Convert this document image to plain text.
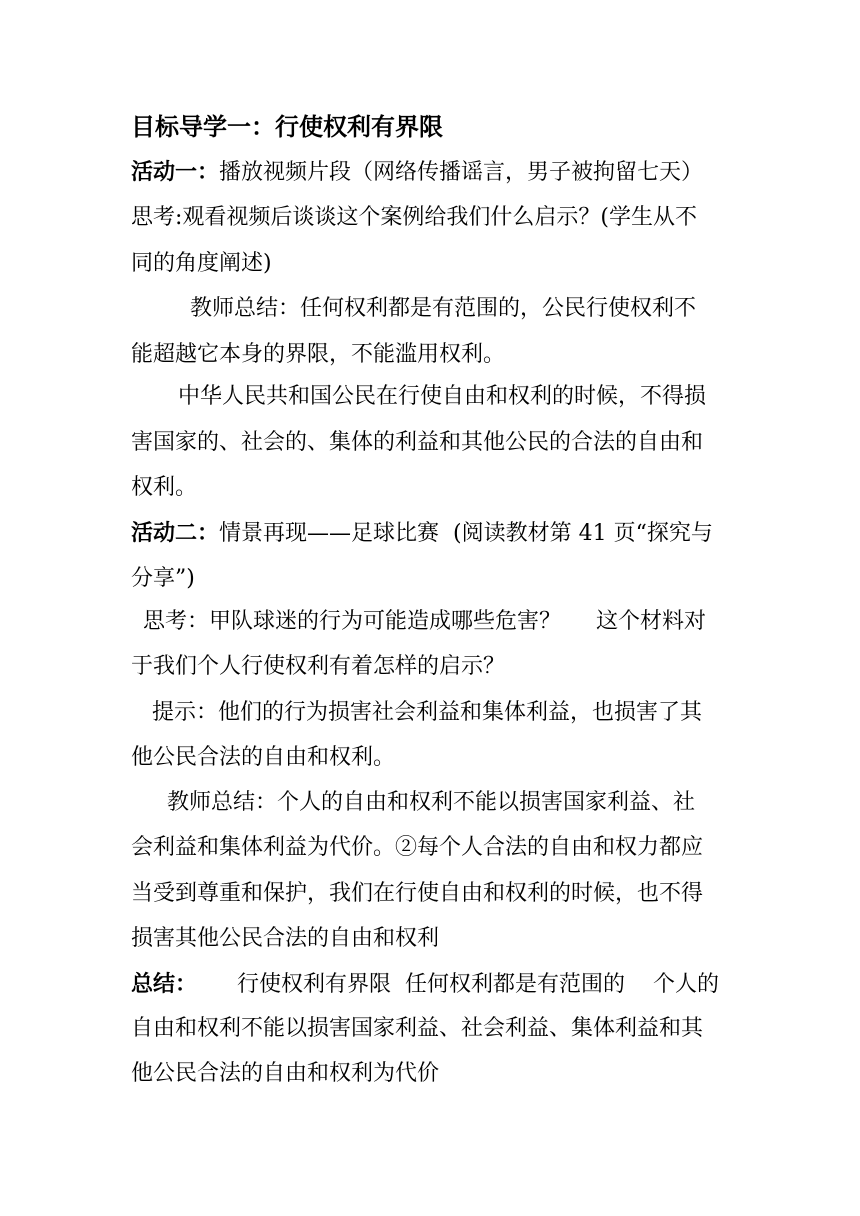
目标导学一：行使权利有界限
活动一：播放视频片段（网络传播谣言，男子被拘留七天）
思考:观看视频后谈谈这个案例给我们什么启示？(学生从不
同的角度阐述)
教师总结：任何权利都是有范围的，公民行使权利不
能超越它本身的界限，不能滥用权利。
中华人民共和国公民在行使自由和权利的时候，不得损
害国家的、社会的、集体的利益和其他公民的合法的自由和
权利。
活动二：情景再现——足球比赛  (阅读教材第 41 页“探究与
分享”)
思考：甲队球迷的行为可能造成哪些危害？     这个材料对
于我们个人行使权利有着怎样的启示？
提示：他们的行为损害社会利益和集体利益，也损害了其
他公民合法的自由和权利。
教师总结：个人的自由和权利不能以损害国家利益、社
会利益和集体利益为代价。②每个人合法的自由和权力都应
当受到尊重和保护，我们在行使自由和权利的时候，也不得
损害其他公民合法的自由和权利
总结： 行使权利有界限  任何权利都是有范围的    个人的
自由和权利不能以损害国家利益、社会利益、集体利益和其
他公民合法的自由和权利为代价
